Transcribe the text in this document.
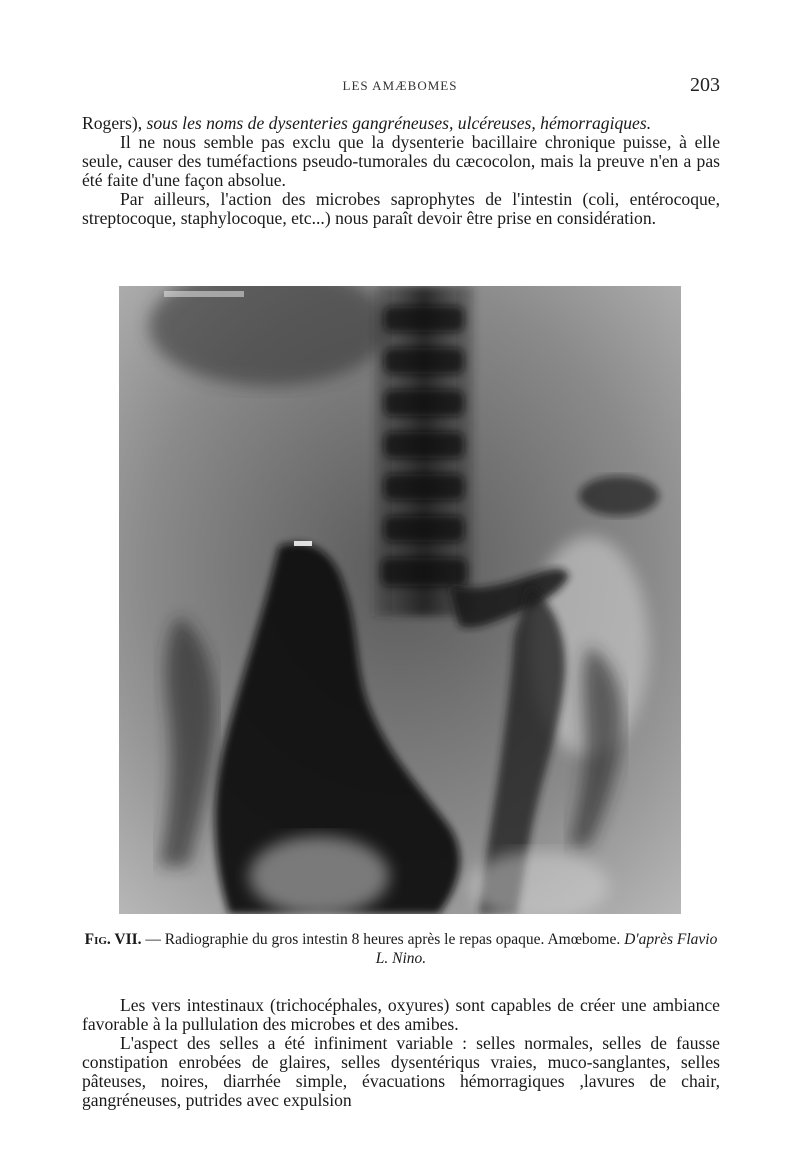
LES AMÆBOMES	203

Rogers), sous les noms de dysenteries gangréneuses, ulcéreuses, hémorragiques.

Il ne nous semble pas exclu que la dysenterie bacillaire chronique puisse, à elle seule, causer des tuméfactions pseudo-tumorales du cæcocolon, mais la preuve n'en a pas été faite d'une façon absolue.

Par ailleurs, l'action des microbes saprophytes de l'intestin (coli, entérocoque, streptocoque, staphylocoque, etc...) nous paraît devoir être prise en considération.

Fig. VII. — Radiographie du gros intestin 8 heures après le repas opaque. Amœbome. D'après Flavio L. Nino.

Les vers intestinaux (trichocéphales, oxyures) sont capables de créer une ambiance favorable à la pullulation des microbes et des amibes.

L'aspect des selles a été infiniment variable : selles normales, selles de fausse constipation enrobées de glaires, selles dysentériqus vraies, muco-sanglantes, selles pâteuses, noires, diarrhée simple, évacuations hémorragiques ,lavures de chair, gangréneuses, putrides avec expulsion
